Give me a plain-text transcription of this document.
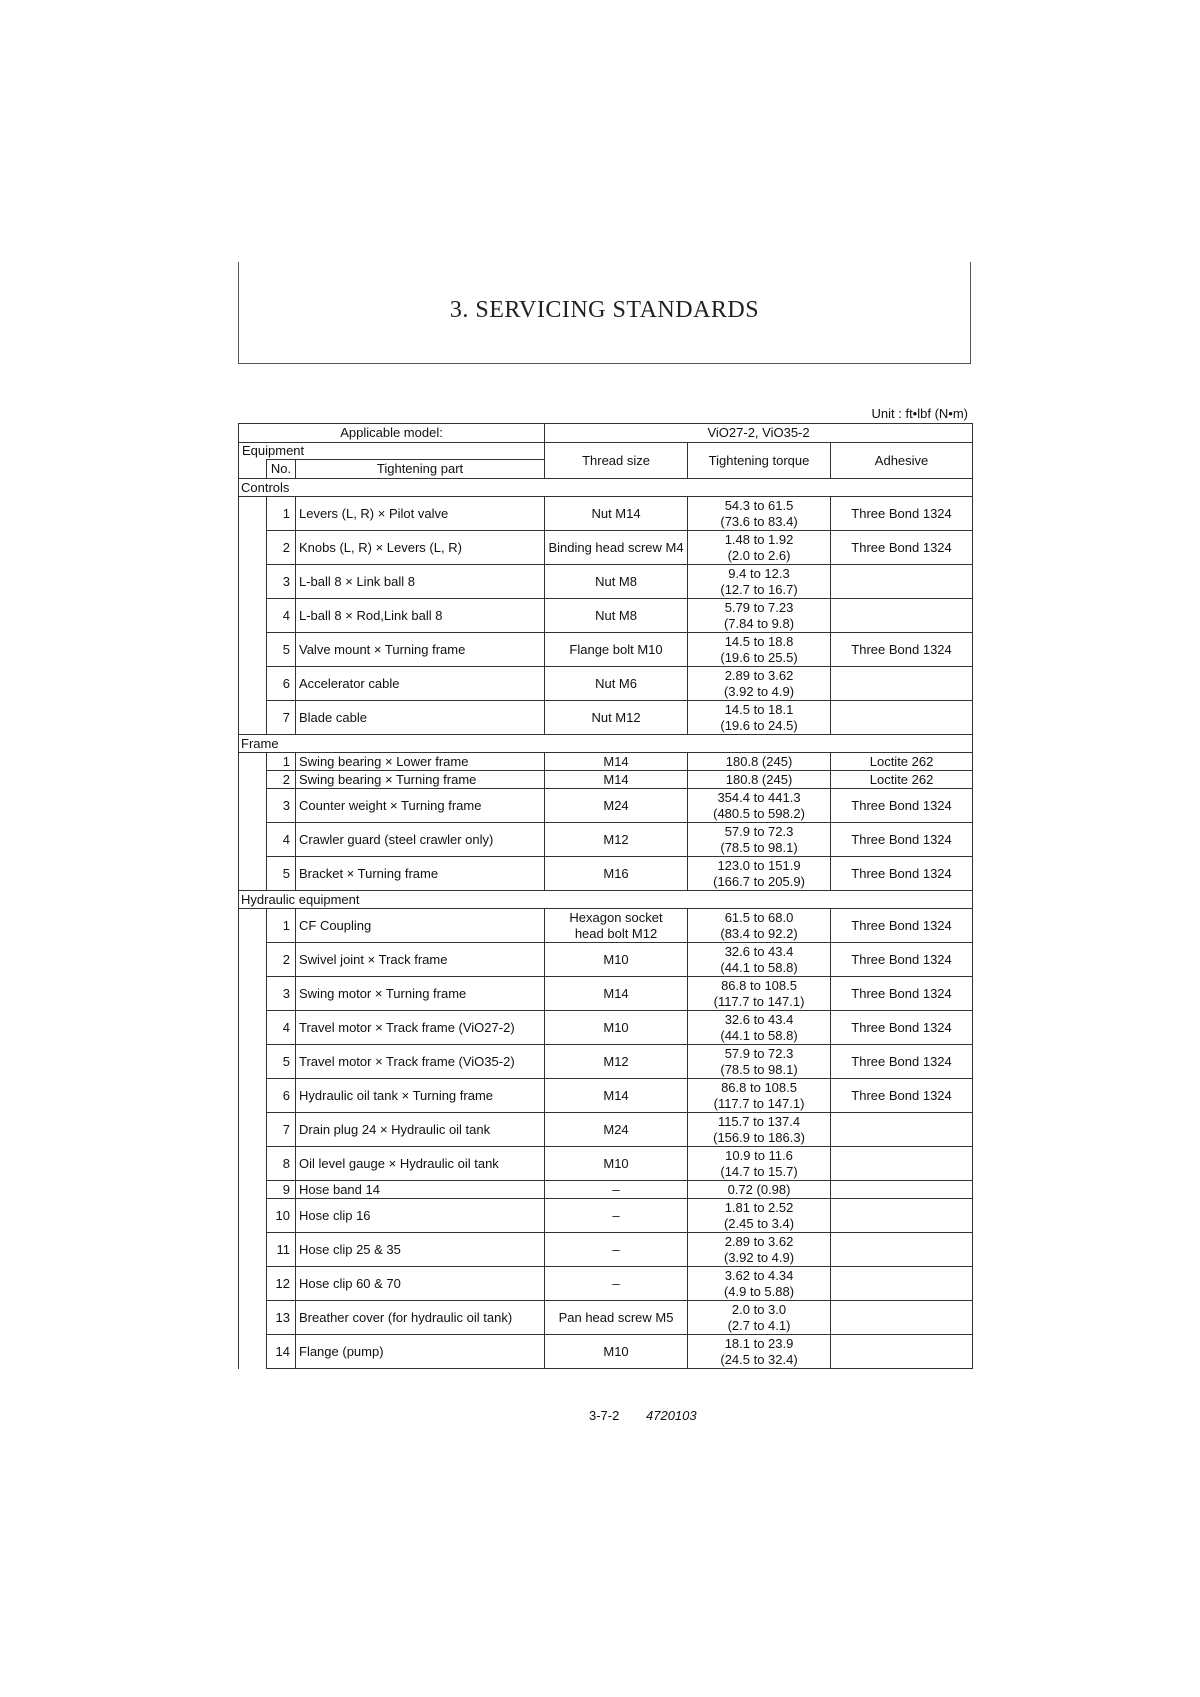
3. SERVICING STANDARDS
Unit : ft•lbf (N•m)
Applicable model:			ViO27-2, ViO35-2		
Equipment			Thread size	Tightening torque	Adhesive
	No.	Tightening part			
Controls					
	1	Levers (L, R) × Pilot valve	Nut M14	54.3 to 61.5
(73.6 to 83.4)	Three Bond 1324
	2	Knobs (L, R) × Levers (L, R)	Binding head screw M4	1.48 to 1.92
(2.0 to 2.6)	Three Bond 1324
	3	L-ball 8 × Link ball 8	Nut M8	9.4 to 12.3
(12.7 to 16.7)	

	4	L-ball 8 × Rod,Link ball 8	Nut M8	5.79 to 7.23
(7.84 to 9.8)	

	5	Valve mount × Turning frame	Flange bolt M10	14.5 to 18.8
(19.6 to 25.5)	Three Bond 1324
	6	Accelerator cable	Nut M6	2.89 to 3.62
(3.92 to 4.9)	

	7	Blade cable	Nut M12	14.5 to 18.1
(19.6 to 24.5)	

Frame					
	1	Swing bearing × Lower frame	M14	180.8 (245)	Loctite 262
	2	Swing bearing × Turning frame	M14	180.8 (245)	Loctite 262
	3	Counter weight × Turning frame	M24	354.4 to 441.3
(480.5 to 598.2)	Three Bond 1324
	4	Crawler guard (steel crawler only)	M12	57.9 to 72.3
(78.5 to 98.1)	Three Bond 1324
	5	Bracket × Turning frame	M16	123.0 to 151.9
(166.7 to 205.9)	Three Bond 1324
Hydraulic equipment					
	1	CF Coupling	Hexagon socket
head bolt M12	61.5 to 68.0
(83.4 to 92.2)	Three Bond 1324
	2	Swivel joint × Track frame	M10	32.6 to 43.4
(44.1 to 58.8)	Three Bond 1324
	3	Swing motor × Turning frame	M14	86.8 to 108.5
(117.7 to 147.1)	Three Bond 1324
	4	Travel motor × Track frame (ViO27-2)	M10	32.6 to 43.4
(44.1 to 58.8)	Three Bond 1324
	5	Travel motor × Track frame (ViO35-2)	M12	57.9 to 72.3
(78.5 to 98.1)	Three Bond 1324
	6	Hydraulic oil tank × Turning frame	M14	86.8 to 108.5
(117.7 to 147.1)	Three Bond 1324
	7	Drain plug 24 × Hydraulic oil tank	M24	115.7 to 137.4
(156.9 to 186.3)	

	8	Oil level gauge × Hydraulic oil tank	M10	10.9 to 11.6
(14.7 to 15.7)	

	9	Hose band 14	–	0.72 (0.98)	

	10	Hose clip 16	–	1.81 to 2.52
(2.45 to 3.4)	

	11	Hose clip 25 & 35	–	2.89 to 3.62
(3.92 to 4.9)	

	12	Hose clip 60 & 70	–	3.62 to 4.34
(4.9 to 5.88)	

	13	Breather cover (for hydraulic oil tank)	Pan head screw M5	2.0 to 3.0
(2.7 to 4.1)	

	14	Flange (pump)	M10	18.1 to 23.9
(24.5 to 32.4)	

3-7-2 4720103
